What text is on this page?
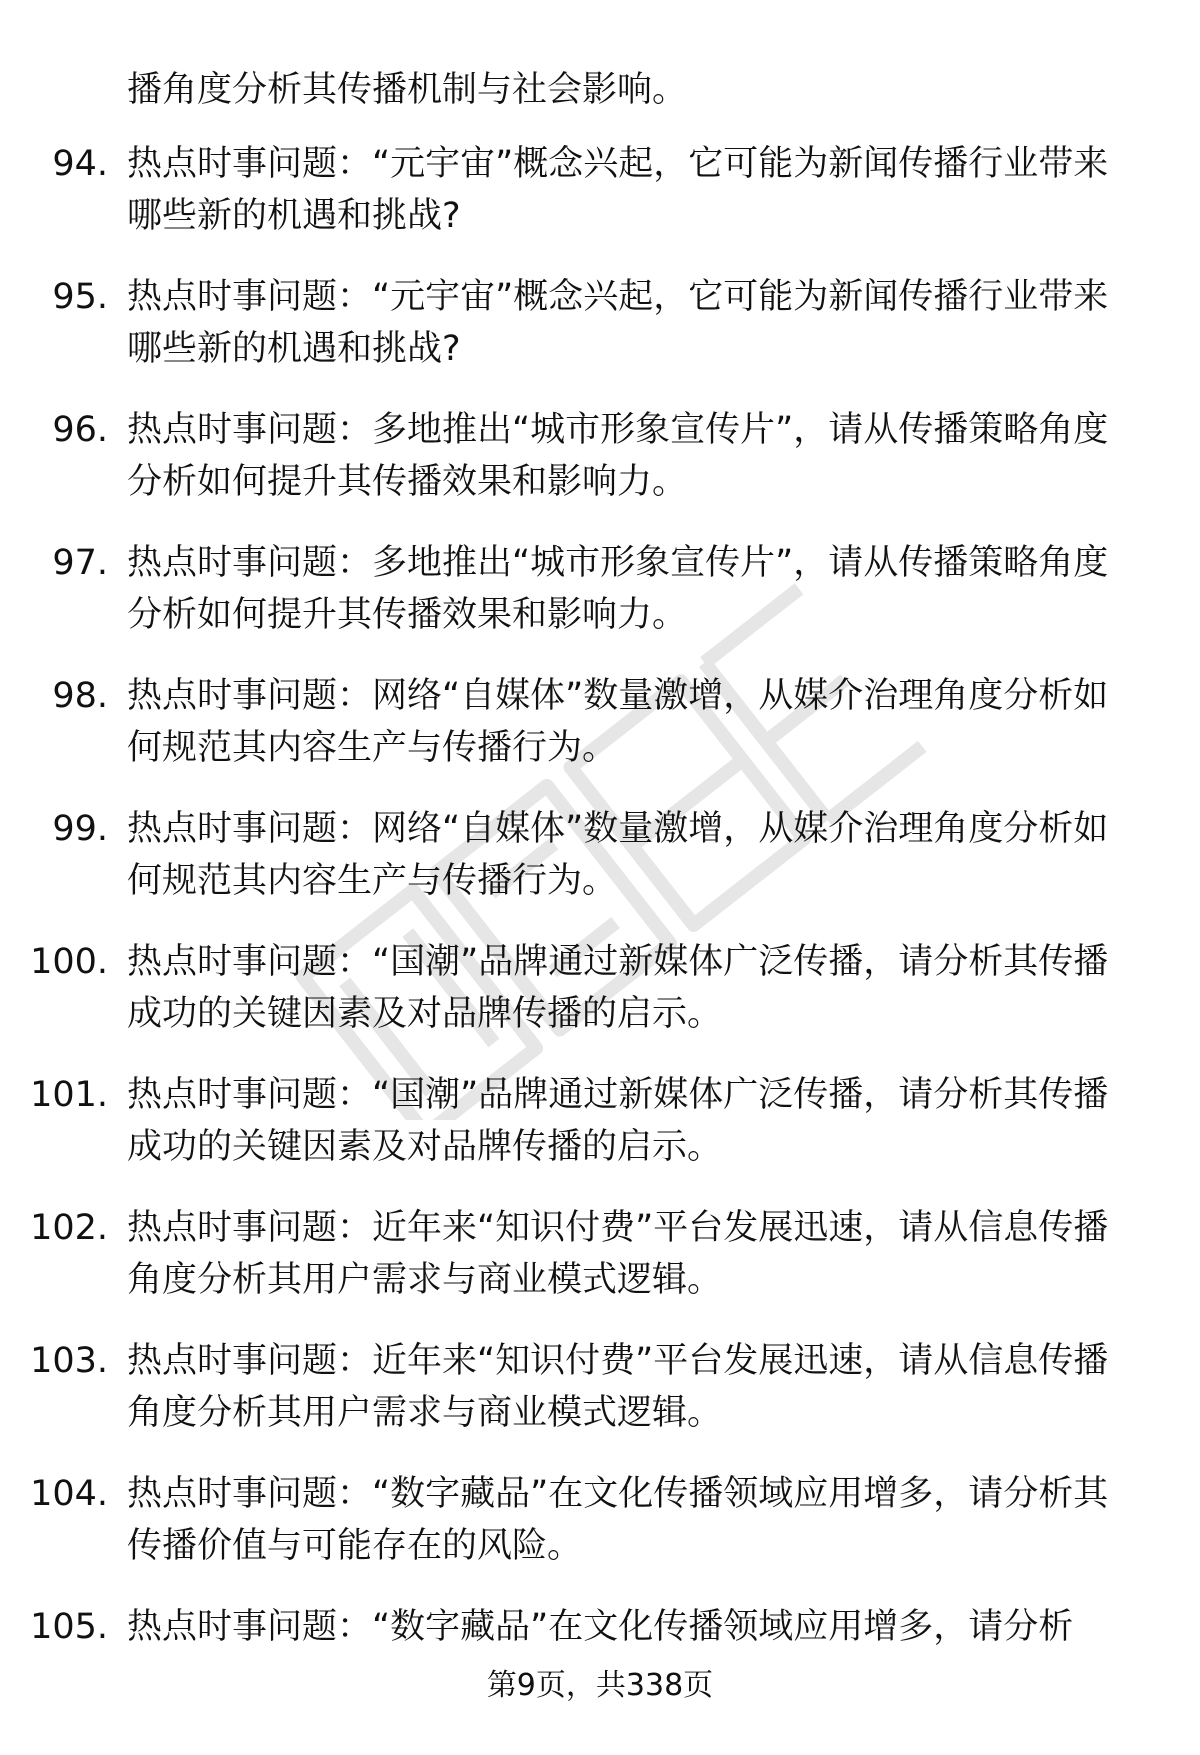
播角度分析其传播机制与社会影响。

94. 热点时事问题：“元宇宙”概念兴起，它可能为新闻传播行业带来哪些新的机遇和挑战?

95. 热点时事问题：“元宇宙”概念兴起，它可能为新闻传播行业带来哪些新的机遇和挑战?

96. 热点时事问题：多地推出“城市形象宣传片”，请从传播策略角度分析如何提升其传播效果和影响力。

97. 热点时事问题：多地推出“城市形象宣传片”，请从传播策略角度分析如何提升其传播效果和影响力。

98. 热点时事问题：网络“自媒体”数量激增，从媒介治理角度分析如何规范其内容生产与传播行为。

99. 热点时事问题：网络“自媒体”数量激增，从媒介治理角度分析如何规范其内容生产与传播行为。

100. 热点时事问题：“国潮”品牌通过新媒体广泛传播，请分析其传播成功的关键因素及对品牌传播的启示。

101. 热点时事问题：“国潮”品牌通过新媒体广泛传播，请分析其传播成功的关键因素及对品牌传播的启示。

102. 热点时事问题：近年来“知识付费”平台发展迅速，请从信息传播角度分析其用户需求与商业模式逻辑。

103. 热点时事问题：近年来“知识付费”平台发展迅速，请从信息传播角度分析其用户需求与商业模式逻辑。

104. 热点时事问题：“数字藏品”在文化传播领域应用增多，请分析其传播价值与可能存在的风险。

105. 热点时事问题：“数字藏品”在文化传播领域应用增多，请分析

第9页，共338页
